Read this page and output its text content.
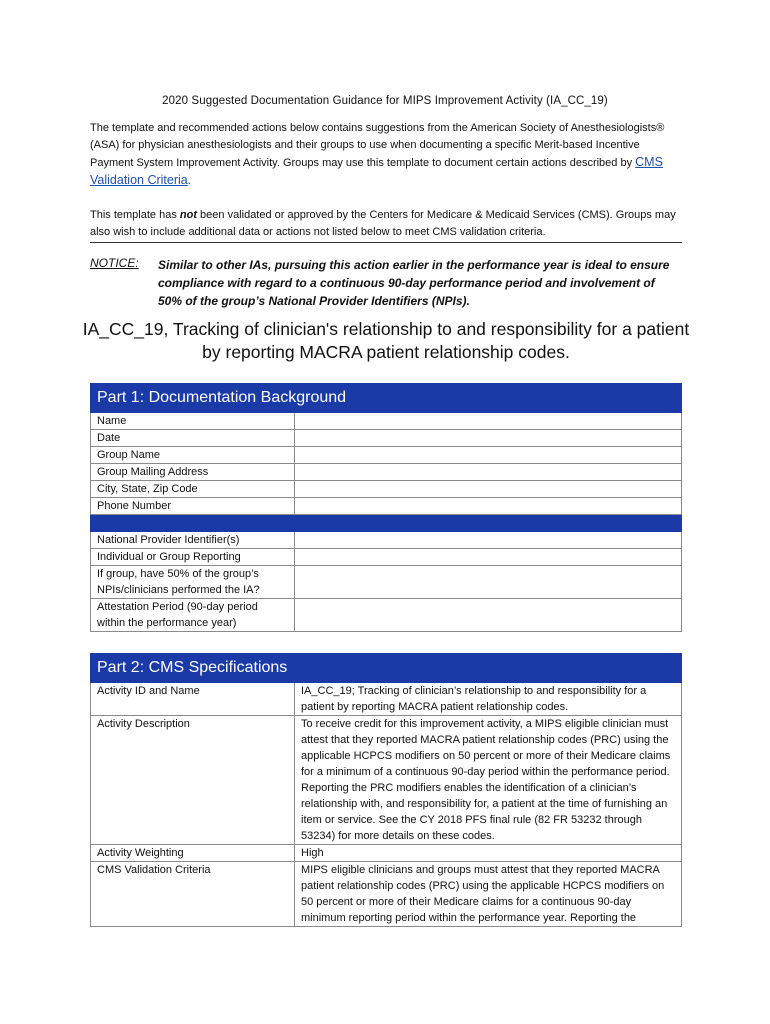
2020 Suggested Documentation Guidance for MIPS Improvement Activity (IA_CC_19)
The template and recommended actions below contains suggestions from the American Society of Anesthesiologists® (ASA) for physician anesthesiologists and their groups to use when documenting a specific Merit-based Incentive Payment System Improvement Activity. Groups may use this template to document certain actions described by CMS Validation Criteria.
This template has not been validated or approved by the Centers for Medicare & Medicaid Services (CMS). Groups may also wish to include additional data or actions not listed below to meet CMS validation criteria.
NOTICE: Similar to other IAs, pursuing this action earlier in the performance year is ideal to ensure compliance with regard to a continuous 90-day performance period and involvement of 50% of the group’s National Provider Identifiers (NPIs).
IA_CC_19, Tracking of clinician's relationship to and responsibility for a patient by reporting MACRA patient relationship codes.
Part 1: Documentation Background	
Name	
Date	
Group Name	
Group Mailing Address	
City, State, Zip Code	
Phone Number	

National Provider Identifier(s)	
Individual or Group Reporting	
If group, have 50% of the group’s NPIs/clinicians performed the IA?	
Attestation Period (90-day period within the performance year)	
Part 2: CMS Specifications	
Activity ID and Name	IA_CC_19; Tracking of clinician’s relationship to and responsibility for a patient by reporting MACRA patient relationship codes.
Activity Description	To receive credit for this improvement activity, a MIPS eligible clinician must attest that they reported MACRA patient relationship codes (PRC) using the applicable HCPCS modifiers on 50 percent or more of their Medicare claims for a minimum of a continuous 90-day period within the performance period. Reporting the PRC modifiers enables the identification of a clinician’s relationship with, and responsibility for, a patient at the time of furnishing an item or service. See the CY 2018 PFS final rule (82 FR 53232 through 53234) for more details on these codes.
Activity Weighting	High
CMS Validation Criteria	MIPS eligible clinicians and groups must attest that they reported MACRA patient relationship codes (PRC) using the applicable HCPCS modifiers on 50 percent or more of their Medicare claims for a continuous 90-day minimum reporting period within the performance year. Reporting the
